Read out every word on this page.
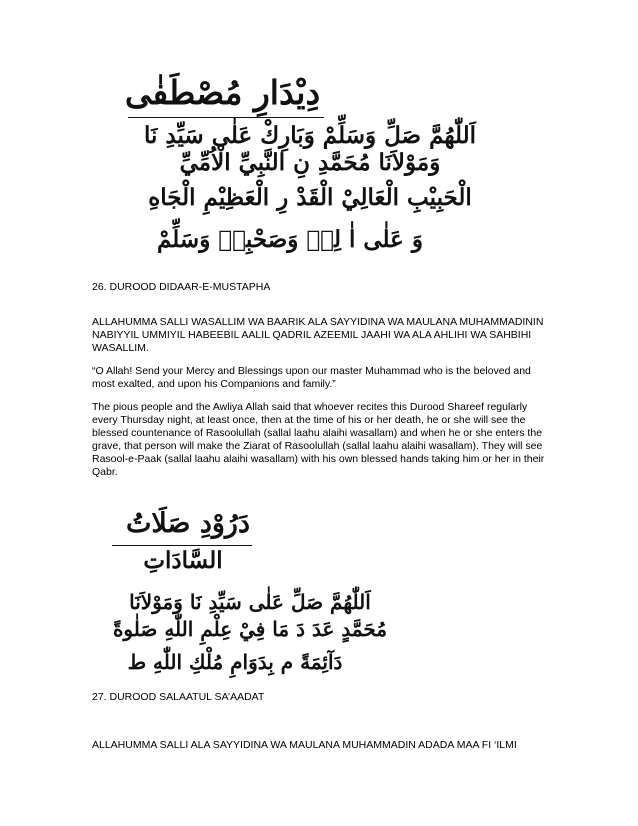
دِيْدَارِ مُصْطَفٰى
اَللّٰهُمَّ صَلِّ وَسَلِّمْ وَبَارِكْ عَلٰى سَيِّدِ نَا
وَمَوْلاَنَا مُحَمَّدِ نِ النَّبِيِّ الْاُمِّيِّ
الْحَبِيْبِ الْعَالِيْ الْقَدْ رِ الْعَظِيْمِ الْجَاهِ
وَ عَلٰى اٰ لِهٖ وَصَحْبِهٖ وَسَلِّمْ

26. DUROOD DIDAAR-E-MUSTAPHA

ALLAHUMMA SALLI WASALLIM WA BAARIK ALA SAYYIDINA WA MAULANA MUHAMMADININ NABIYYIL UMMIYIL HABEEBIL AALIL QADRIL AZEEMIL JAAHI WA ALA AHLIHI WA SAHBIHI WASALLIM.

“O Allah! Send your Mercy and Blessings upon our master Muhammad who is the beloved and most exalted, and upon his Companions and family.”

The pious people and the Awliya Allah said that whoever recites this Durood Shareef regularly every Thursday night, at least once, then at the time of his or her death, he or she will see the blessed countenance of Rasoolullah (sallal laahu alaihi wasallam) and when he or she enters the grave, that person will make the Ziarat of Rasoolullah (sallal laahu alaihi wasallam). They will see Rasool-e-Paak (sallal laahu alaihi wasallam) with his own blessed hands taking him or her in their Qabr.

دَرُوْدِ صَلَاتُ
السَّادَاتِ
اَللّٰهُمَّ صَلِّ عَلٰى سَيِّدِ نَا وَمَوْلاَنَا
مُحَمَّدٍ عَدَ دَ مَا فِيْ عِلْمِ اللّٰهِ صَلٰوةً
دَآئِمَةً م بِدَوَامِ مُلْكِ اللّٰهِ ط

27. DUROOD SALAATUL SA’AADAT

ALLAHUMMA SALLI ALA SAYYIDINA WA MAULANA MUHAMMADIN ADADA MAA FI ‘ILMI
